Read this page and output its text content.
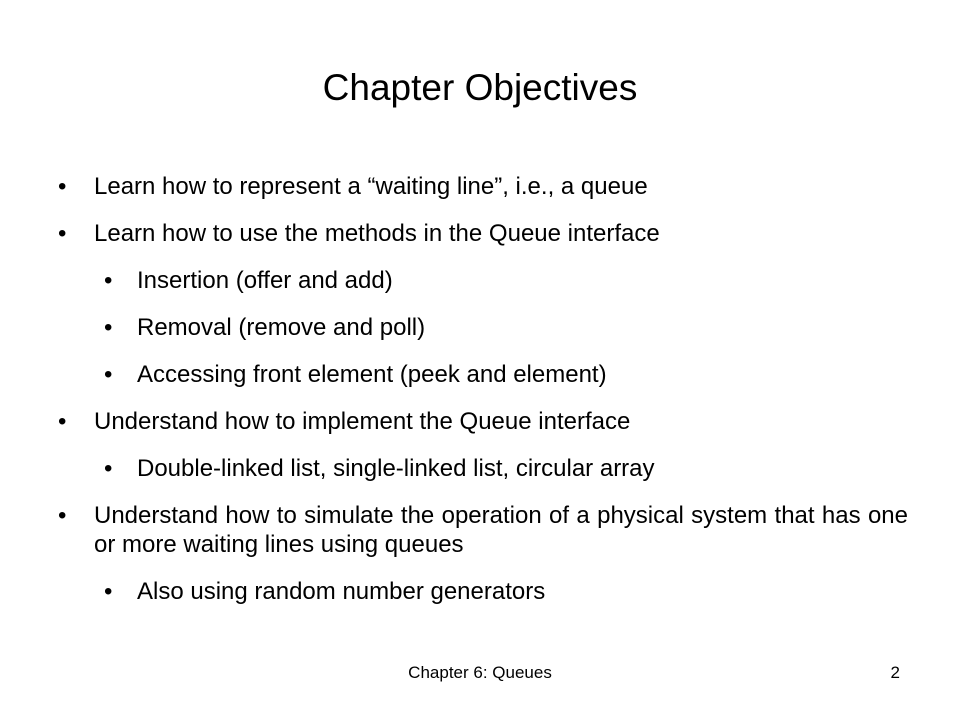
Chapter Objectives
• Learn how to represent a “waiting line”, i.e., a queue
• Learn how to use the methods in the Queue interface
• Insertion (offer and add)
• Removal (remove and poll)
• Accessing front element (peek and element)
• Understand how to implement the Queue interface
• Double-linked list, single-linked list, circular array
• Understand how to simulate the operation of a physical system that has one or more waiting lines using queues
• Also using random number generators
Chapter 6: Queues	2
